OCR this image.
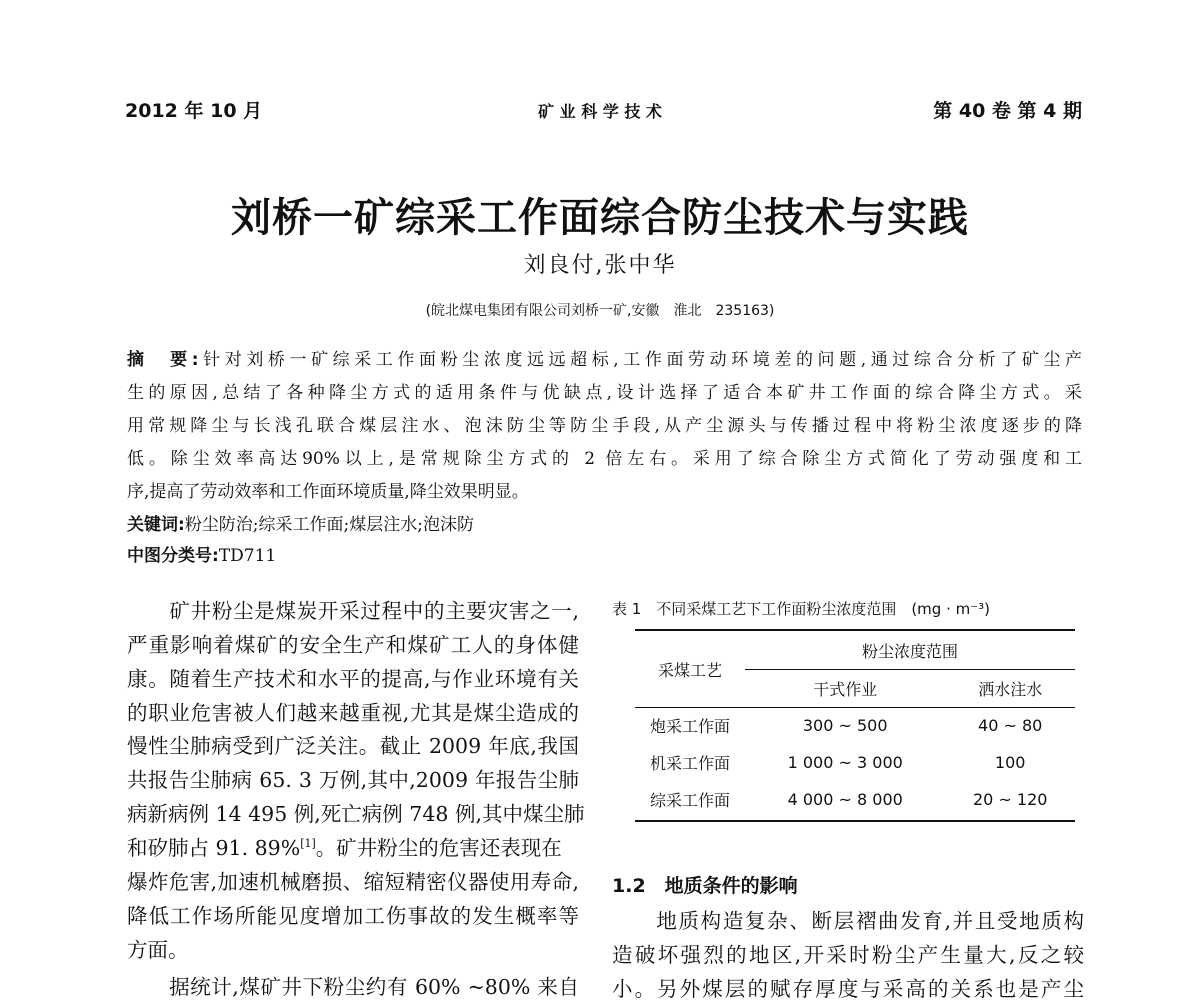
2012 年 10 月	矿 业 科 学 技 术	第 40 卷 第 4 期
刘桥一矿综采工作面综合防尘技术与实践
刘良付,张中华
(皖北煤电集团有限公司刘桥一矿,安徽　淮北　235163)
摘　要:针对刘桥一矿综采工作面粉尘浓度远远超标,工作面劳动环境差的问题,通过综合分析了矿尘产
生的原因,总结了各种降尘方式的适用条件与优缺点,设计选择了适合本矿井工作面的综合降尘方式。采
用常规降尘与长浅孔联合煤层注水、泡沫防尘等防尘手段,从产尘源头与传播过程中将粉尘浓度逐步的降
低。除尘效率高达90%以上,是常规除尘方式的 2 倍左右。采用了综合除尘方式简化了劳动强度和工
序,提高了劳动效率和工作面环境质量,降尘效果明显。
关键词:粉尘防治;综采工作面;煤层注水;泡沫防
中图分类号:TD711
　　矿井粉尘是煤炭开采过程中的主要灾害之一,
严重影响着煤矿的安全生产和煤矿工人的身体健
康。随着生产技术和水平的提高,与作业环境有关
的职业危害被人们越来越重视,尤其是煤尘造成的
慢性尘肺病受到广泛关注。截止 2009 年底,我国
共报告尘肺病 65. 3 万例,其中,2009 年报告尘肺
病新病例 14 495 例,死亡病例 748 例,其中煤尘肺
和矽肺占 91. 89%[1]。矿井粉尘的危害还表现在
爆炸危害,加速机械磨损、缩短精密仪器使用寿命,
降低工作场所能见度增加工伤事故的发生概率等
方面。
　　据统计,煤矿井下粉尘约有 60% ~80% 来自
表 1　不同采煤工艺下工作面粉尘浓度范围　(mg · m⁻³)
采煤工艺	粉尘浓度范围	
	干式作业	洒水注水
炮采工作面	300 ~ 500	40 ~ 80
机采工作面	1 000 ~ 3 000	100
综采工作面	4 000 ~ 8 000	20 ~ 120
1.2　地质条件的影响
　　地质构造复杂、断层褶曲发育,并且受地质构
造破坏强烈的地区,开采时粉尘产生量大,反之较
小。另外煤层的赋存厚度与采高的关系也是产尘
